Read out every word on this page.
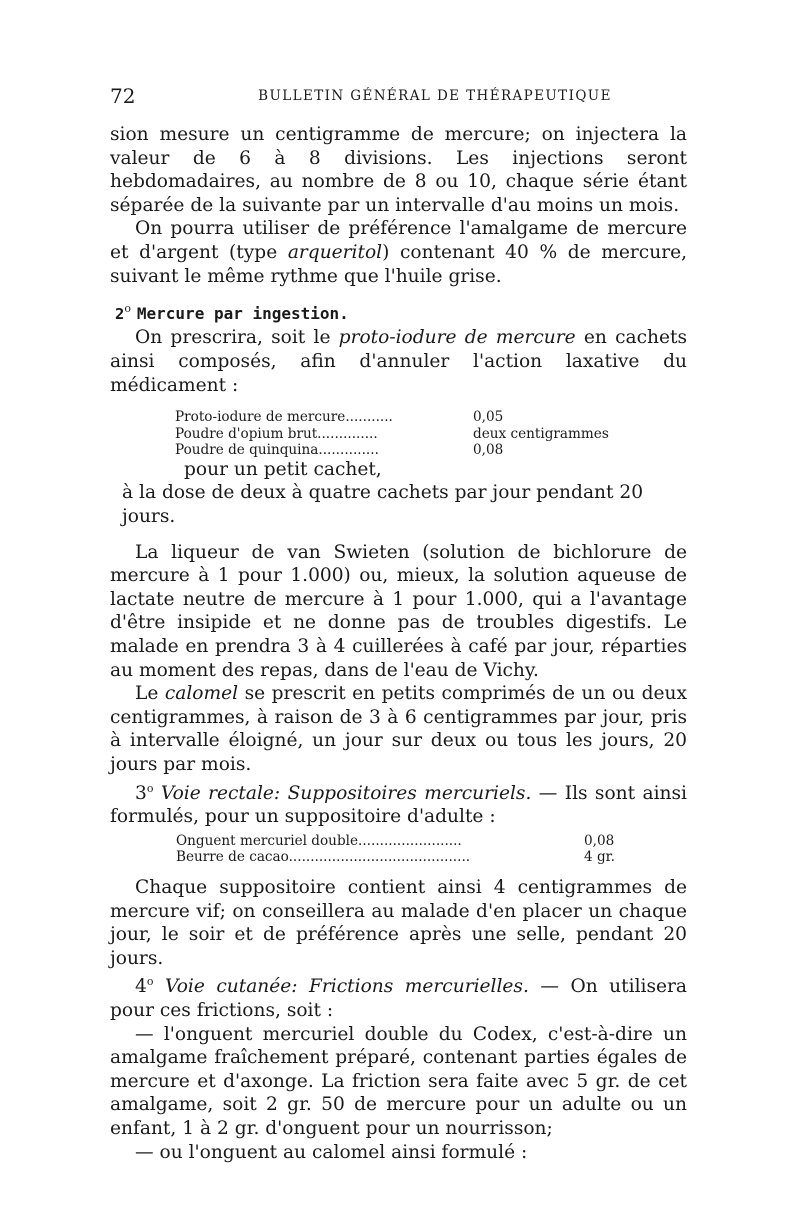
72	BULLETIN GÉNÉRAL DE THÉRAPEUTIQUE

sion mesure un centigramme de mercure; on injectera la valeur de 6 à 8 divisions. Les injections seront hebdomadaires, au nombre de 8 ou 10, chaque série étant séparée de la suivante par un intervalle d'au moins un mois.

On pourra utiliser de préférence l'amalgame de mercure et d'argent (type arqueritol) contenant 40 % de mercure, suivant le même rythme que l'huile grise.

2$^o$ Mercure par ingestion.

On prescrira, soit le proto-iodure de mercure en cachets ainsi composés, afin d'annuler l'action laxative du médicament :

Proto-iodure de mercure...........	0,05
Poudre d'opium brut..............	deux centigrammes
Poudre de quinquina..............	0,08
pour un petit cachet,
à la dose de deux à quatre cachets par jour pendant 20 jours.

La liqueur de van Swieten (solution de bichlorure de mercure à 1 pour 1.000) ou, mieux, la solution aqueuse de lactate neutre de mercure à 1 pour 1.000, qui a l'avantage d'être insipide et ne donne pas de troubles digestifs. Le malade en prendra 3 à 4 cuillerées à café par jour, réparties au moment des repas, dans de l'eau de Vichy.

Le calomel se prescrit en petits comprimés de un ou deux centigrammes, à raison de 3 à 6 centigrammes par jour, pris à intervalle éloigné, un jour sur deux ou tous les jours, 20 jours par mois.

3$^o$ Voie rectale: Suppositoires mercuriels. — Ils sont ainsi formulés, pour un suppositoire d'adulte :

Onguent mercuriel double........................	0,08
Beurre de cacao..........................................	4 gr.

Chaque suppositoire contient ainsi 4 centigrammes de mercure vif; on conseillera au malade d'en placer un chaque jour, le soir et de préférence après une selle, pendant 20 jours.

4$^o$ Voie cutanée: Frictions mercurielles. — On utilisera pour ces frictions, soit :

— l'onguent mercuriel double du Codex, c'est-à-dire un amalgame fraîchement préparé, contenant parties égales de mercure et d'axonge. La friction sera faite avec 5 gr. de cet amalgame, soit 2 gr. 50 de mercure pour un adulte ou un enfant, 1 à 2 gr. d'onguent pour un nourrisson;

— ou l'onguent au calomel ainsi formulé :
